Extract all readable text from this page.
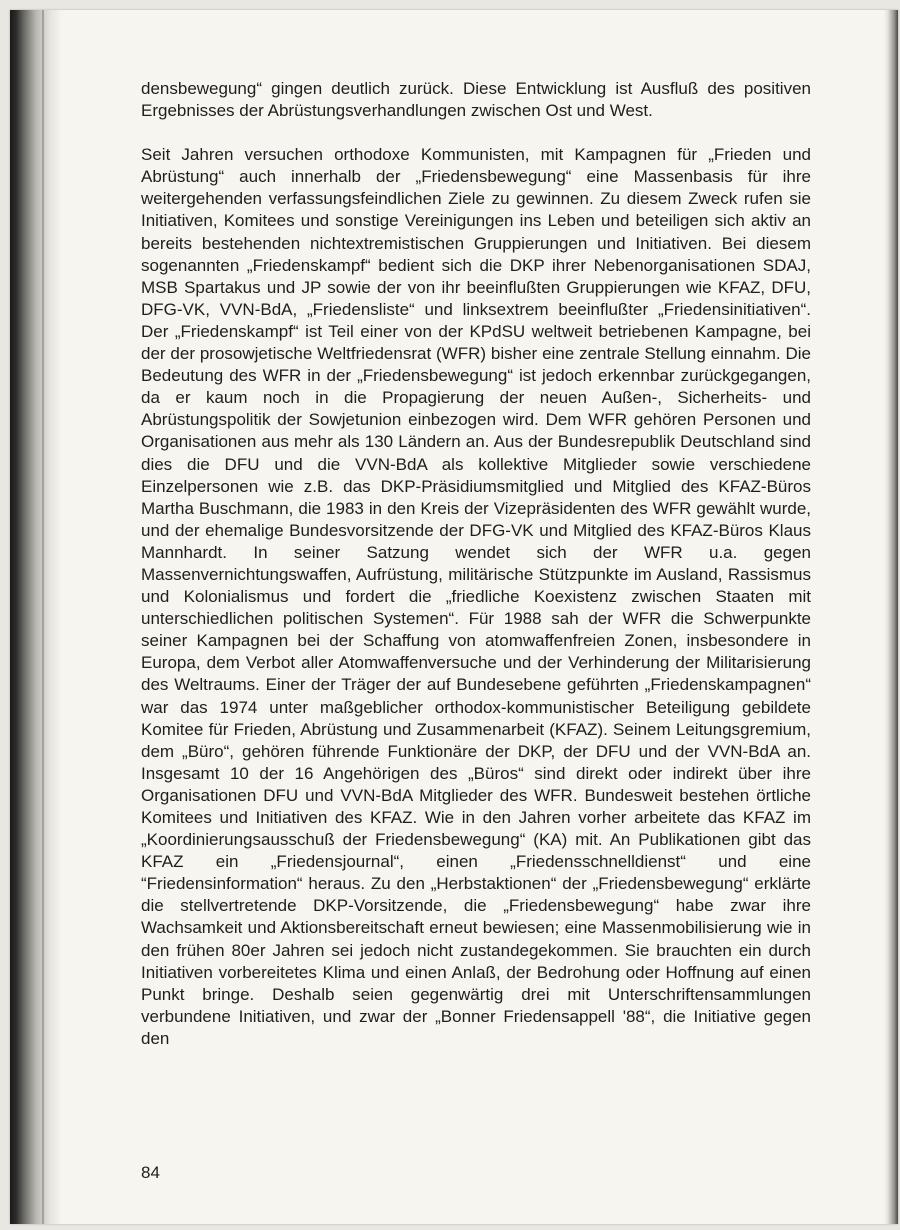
densbewegung“ gingen deutlich zurück. Diese Entwicklung ist Ausfluß des positiven Ergebnisses der Abrüstungsverhandlungen zwischen Ost und West.

Seit Jahren versuchen orthodoxe Kommunisten, mit Kampagnen für „Frieden und Abrüstung“ auch innerhalb der „Friedensbewegung“ eine Massenbasis für ihre weitergehenden verfassungsfeindlichen Ziele zu gewinnen. Zu diesem Zweck rufen sie Initiativen, Komitees und sonstige Vereinigungen ins Leben und beteiligen sich aktiv an bereits bestehenden nichtextremistischen Gruppierungen und Initiativen. Bei diesem sogenannten „Friedenskampf“ bedient sich die DKP ihrer Nebenorganisationen SDAJ, MSB Spartakus und JP sowie der von ihr beeinflußten Gruppierungen wie KFAZ, DFU, DFG-VK, VVN-BdA, „Friedensliste“ und linksextrem beeinflußter „Friedensinitiativen“. Der „Friedenskampf“ ist Teil einer von der KPdSU weltweit betriebenen Kampagne, bei der der prosowjetische Weltfriedensrat (WFR) bisher eine zentrale Stellung einnahm. Die Bedeutung des WFR in der „Friedensbewegung“ ist jedoch erkennbar zurückgegangen, da er kaum noch in die Propagierung der neuen Außen-, Sicherheits- und Abrüstungspolitik der Sowjetunion einbezogen wird. Dem WFR gehören Personen und Organisationen aus mehr als 130 Ländern an. Aus der Bundesrepublik Deutschland sind dies die DFU und die VVN-BdA als kollektive Mitglieder sowie verschiedene Einzelpersonen wie z.B. das DKP-Präsidiumsmitglied und Mitglied des KFAZ-Büros Martha Buschmann, die 1983 in den Kreis der Vizepräsidenten des WFR gewählt wurde, und der ehemalige Bundesvorsitzende der DFG-VK und Mitglied des KFAZ-Büros Klaus Mannhardt. In seiner Satzung wendet sich der WFR u.a. gegen Massenvernichtungswaffen, Aufrüstung, militärische Stützpunkte im Ausland, Rassismus und Kolonialismus und fordert die „friedliche Koexistenz zwischen Staaten mit unterschiedlichen politischen Systemen“. Für 1988 sah der WFR die Schwerpunkte seiner Kampagnen bei der Schaffung von atomwaffenfreien Zonen, insbesondere in Europa, dem Verbot aller Atomwaffenversuche und der Verhinderung der Militarisierung des Weltraums. Einer der Träger der auf Bundesebene geführten „Friedenskampagnen“ war das 1974 unter maßgeblicher orthodox-kommunistischer Beteiligung gebildete Komitee für Frieden, Abrüstung und Zusammenarbeit (KFAZ). Seinem Leitungsgremium, dem „Büro“, gehören führende Funktionäre der DKP, der DFU und der VVN-BdA an. Insgesamt 10 der 16 Angehörigen des „Büros“ sind direkt oder indirekt über ihre Organisationen DFU und VVN-BdA Mitglieder des WFR. Bundesweit bestehen örtliche Komitees und Initiativen des KFAZ. Wie in den Jahren vorher arbeitete das KFAZ im „Koordinierungsausschuß der Friedensbewegung“ (KA) mit. An Publikationen gibt das KFAZ ein „Friedensjournal“, einen „Friedensschnelldienst“ und eine “Friedensinformation“ heraus. Zu den „Herbstaktionen“ der „Friedensbewegung“ erklärte die stellvertretende DKP-Vorsitzende, die „Friedensbewegung“ habe zwar ihre Wachsamkeit und Aktionsbereitschaft erneut bewiesen; eine Massenmobilisierung wie in den frühen 80er Jahren sei jedoch nicht zustandegekommen. Sie brauchten ein durch Initiativen vorbereitetes Klima und einen Anlaß, der Bedrohung oder Hoffnung auf einen Punkt bringe. Deshalb seien gegenwärtig drei mit Unterschriftensammlungen verbundene Initiativen, und zwar der „Bonner Friedensappell '88“, die Initiative gegen den

84
